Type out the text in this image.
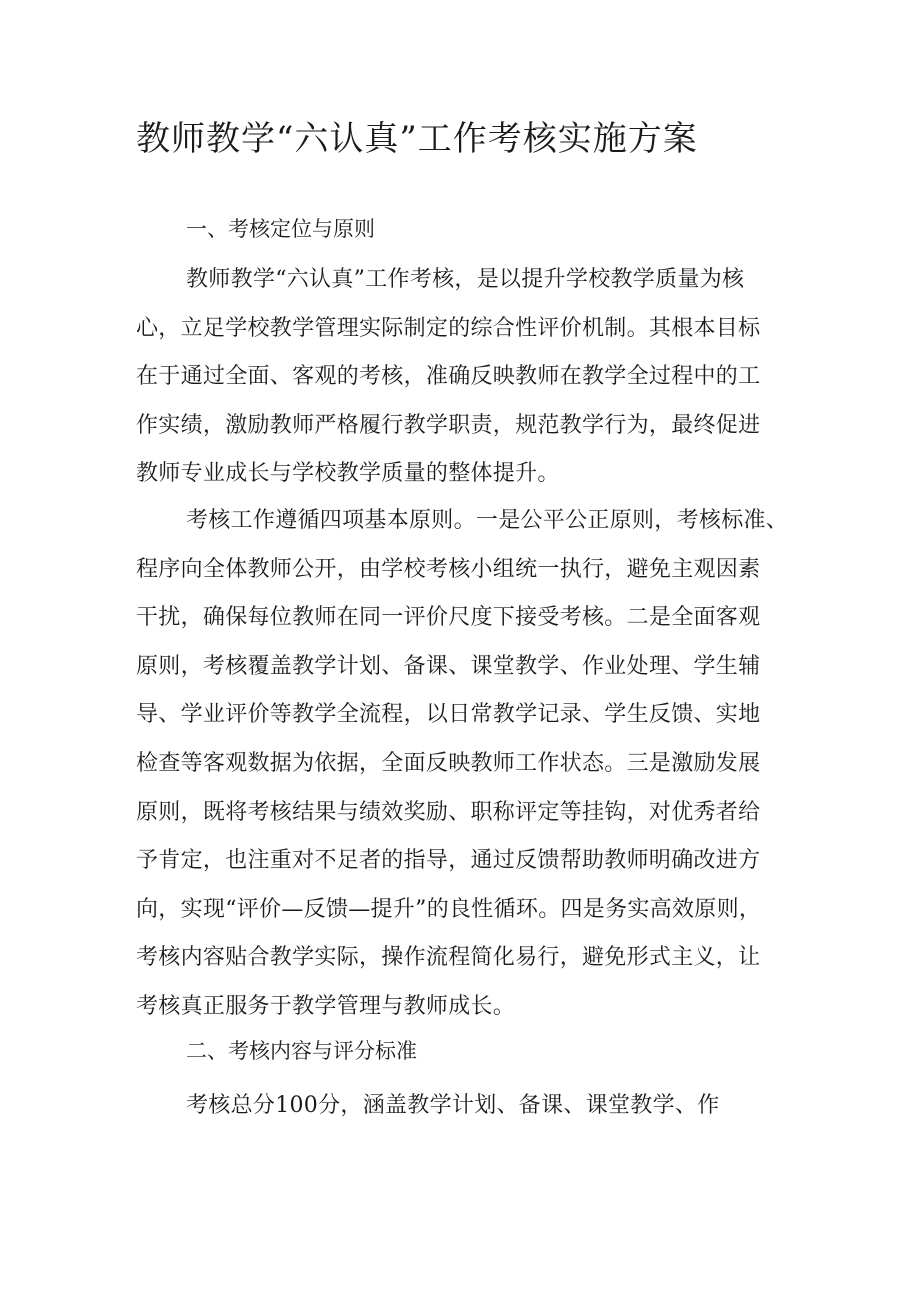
教师教学“六认真”工作考核实施方案
一、考核定位与原则
教师教学“六认真”工作考核，是以提升学校教学质量为核
心，立足学校教学管理实际制定的综合性评价机制。其根本目标
在于通过全面、客观的考核，准确反映教师在教学全过程中的工
作实绩，激励教师严格履行教学职责，规范教学行为，最终促进
教师专业成长与学校教学质量的整体提升。
考核工作遵循四项基本原则。一是公平公正原则，考核标准、
程序向全体教师公开，由学校考核小组统一执行，避免主观因素
干扰，确保每位教师在同一评价尺度下接受考核。二是全面客观
原则，考核覆盖教学计划、备课、课堂教学、作业处理、学生辅
导、学业评价等教学全流程，以日常教学记录、学生反馈、实地
检查等客观数据为依据，全面反映教师工作状态。三是激励发展
原则，既将考核结果与绩效奖励、职称评定等挂钩，对优秀者给
予肯定，也注重对不足者的指导，通过反馈帮助教师明确改进方
向，实现“评价—反馈—提升”的良性循环。四是务实高效原则，
考核内容贴合教学实际，操作流程简化易行，避免形式主义，让
考核真正服务于教学管理与教师成长。
二、考核内容与评分标准
考核总分100分，涵盖教学计划、备课、课堂教学、作
